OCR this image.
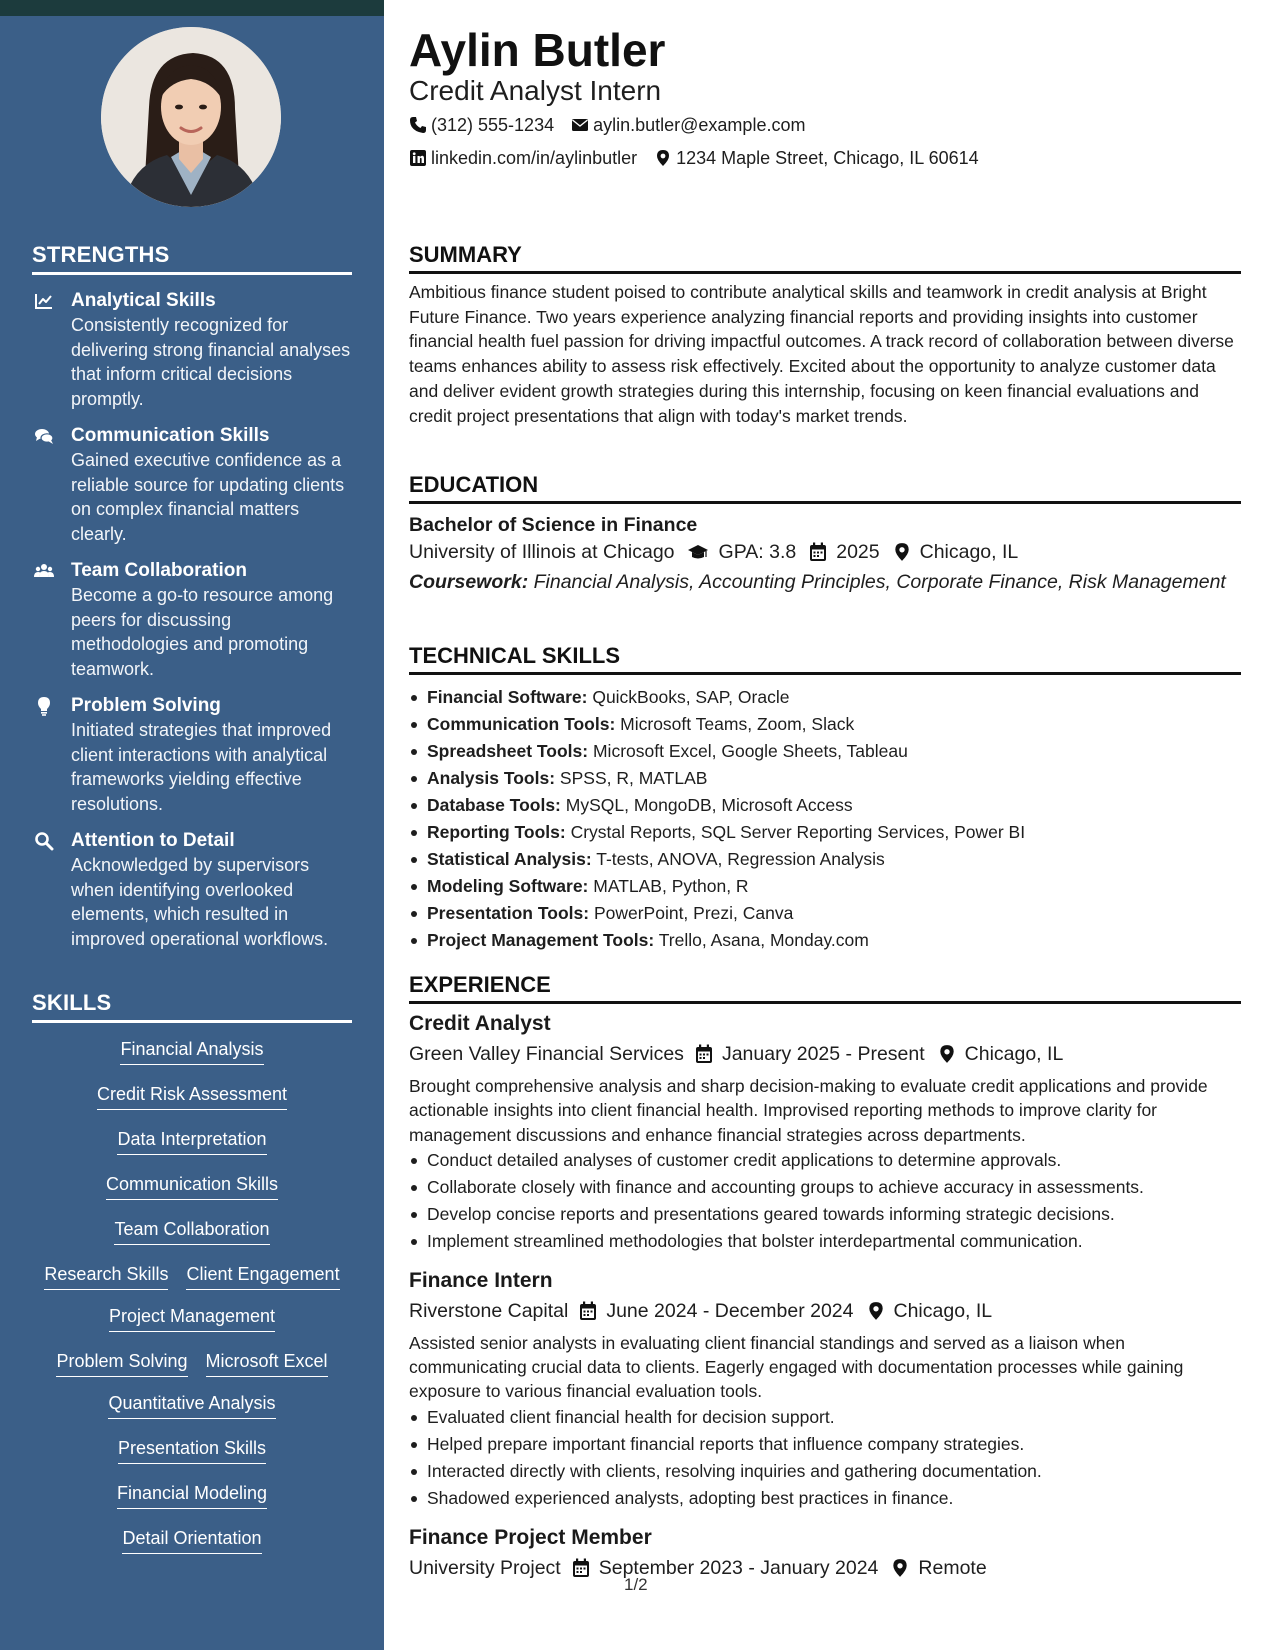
STRENGTHS
Analytical Skills
Consistently recognized for delivering strong financial analyses that inform critical decisions promptly.
Communication Skills
Gained executive confidence as a reliable source for updating clients on complex financial matters clearly.
Team Collaboration
Become a go-to resource among peers for discussing methodologies and promoting teamwork.
Problem Solving
Initiated strategies that improved client interactions with analytical frameworks yielding effective resolutions.
Attention to Detail
Acknowledged by supervisors when identifying overlooked elements, which resulted in improved operational workflows.
SKILLS
Financial Analysis
Credit Risk Assessment
Data Interpretation
Communication Skills
Team Collaboration
Research Skills Client Engagement
Project Management
Problem Solving Microsoft Excel
Quantitative Analysis
Presentation Skills
Financial Modeling
Detail Orientation
Aylin Butler
Credit Analyst Intern
(312) 555-1234 aylin.butler@example.com
linkedin.com/in/aylinbutler 1234 Maple Street, Chicago, IL 60614
SUMMARY

Ambitious finance student poised to contribute analytical skills and teamwork in credit analysis at Bright Future Finance. Two years experience analyzing financial reports and providing insights into customer financial health fuel passion for driving impactful outcomes. A track record of collaboration between diverse teams enhances ability to assess risk effectively. Excited about the opportunity to analyze customer data and deliver evident growth strategies during this internship, focusing on keen financial evaluations and credit project presentations that align with today's market trends.

EDUCATION
Bachelor of Science in Finance
University of Illinois at Chicago GPA: 3.8 2025 Chicago, IL
Coursework: Financial Analysis, Accounting Principles, Corporate Finance, Risk Management
TECHNICAL SKILLS
Financial Software: QuickBooks, SAP, Oracle
Communication Tools: Microsoft Teams, Zoom, Slack
Spreadsheet Tools: Microsoft Excel, Google Sheets, Tableau
Analysis Tools: SPSS, R, MATLAB
Database Tools: MySQL, MongoDB, Microsoft Access
Reporting Tools: Crystal Reports, SQL Server Reporting Services, Power BI
Statistical Analysis: T-tests, ANOVA, Regression Analysis
Modeling Software: MATLAB, Python, R
Presentation Tools: PowerPoint, Prezi, Canva
Project Management Tools: Trello, Asana, Monday.com
EXPERIENCE
Credit Analyst
Green Valley Financial Services January 2025 - Present Chicago, IL

Brought comprehensive analysis and sharp decision-making to evaluate credit applications and provide actionable insights into client financial health. Improvised reporting methods to improve clarity for management discussions and enhance financial strategies across departments.

Conduct detailed analyses of customer credit applications to determine approvals.
Collaborate closely with finance and accounting groups to achieve accuracy in assessments.
Develop concise reports and presentations geared towards informing strategic decisions.
Implement streamlined methodologies that bolster interdepartmental communication.
Finance Intern
Riverstone Capital June 2024 - December 2024 Chicago, IL

Assisted senior analysts in evaluating client financial standings and served as a liaison when communicating crucial data to clients. Eagerly engaged with documentation processes while gaining exposure to various financial evaluation tools.

Evaluated client financial health for decision support.
Helped prepare important financial reports that influence company strategies.
Interacted directly with clients, resolving inquiries and gathering documentation.
Shadowed experienced analysts, adopting best practices in finance.
Finance Project Member
University Project September 2023 - January 2024 Remote
1/2
